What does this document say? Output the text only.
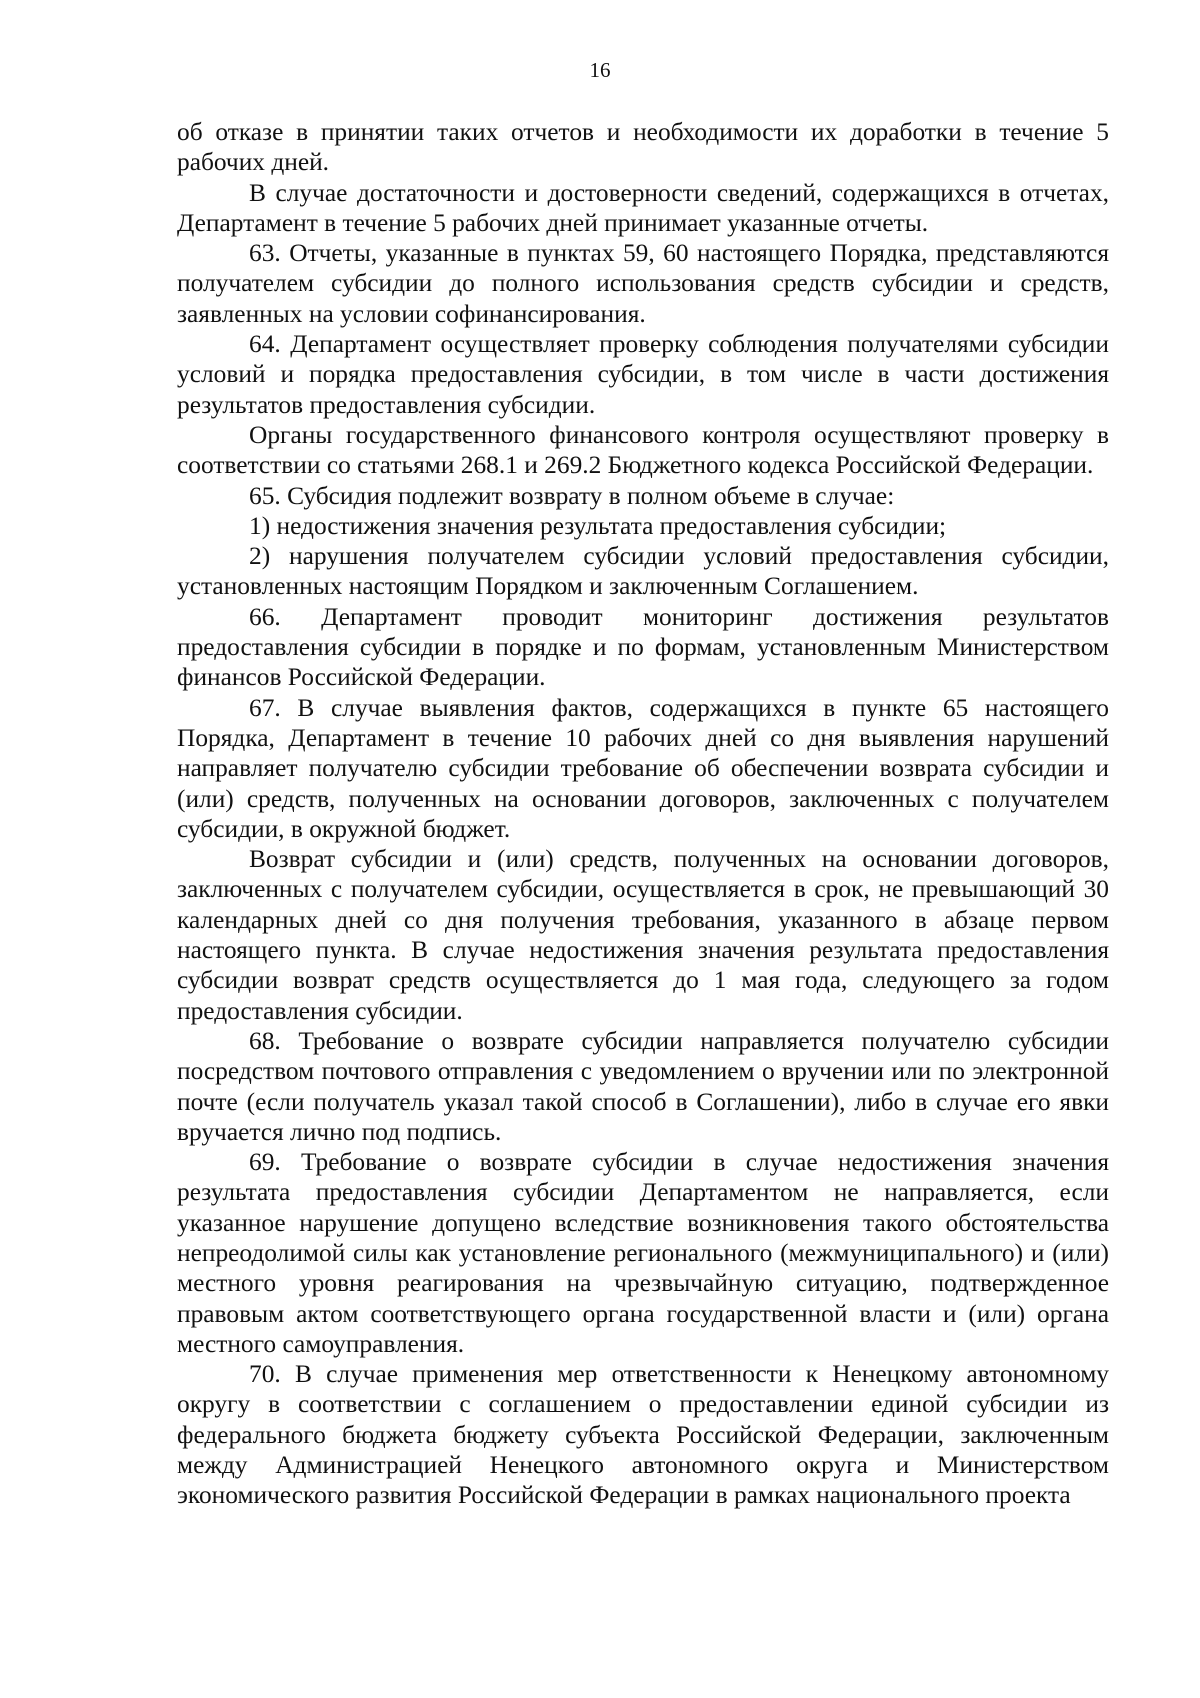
16

об отказе в принятии таких отчетов и необходимости их доработки в течение 5 рабочих дней.

В случае достаточности и достоверности сведений, содержащихся в отчетах, Департамент в течение 5 рабочих дней принимает указанные отчеты.

63. Отчеты, указанные в пунктах 59, 60 настоящего Порядка, представляются получателем субсидии до полного использования средств субсидии и средств, заявленных на условии софинансирования.

64. Департамент осуществляет проверку соблюдения получателями субсидии условий и порядка предоставления субсидии, в том числе в части достижения результатов предоставления субсидии.

Органы государственного финансового контроля осуществляют проверку в соответствии со статьями 268.1 и 269.2 Бюджетного кодекса Российской Федерации.

65. Субсидия подлежит возврату в полном объеме в случае:

1) недостижения значения результата предоставления субсидии;

2) нарушения получателем субсидии условий предоставления субсидии, установленных настоящим Порядком и заключенным Соглашением.

66. Департамент проводит мониторинг достижения результатов предоставления субсидии в порядке и по формам, установленным Министерством финансов Российской Федерации.

67. В случае выявления фактов, содержащихся в пункте 65 настоящего Порядка, Департамент в течение 10 рабочих дней со дня выявления нарушений направляет получателю субсидии требование об обеспечении возврата субсидии и (или) средств, полученных на основании договоров, заключенных с получателем субсидии, в окружной бюджет.

Возврат субсидии и (или) средств, полученных на основании договоров, заключенных с получателем субсидии, осуществляется в срок, не превышающий 30 календарных дней со дня получения требования, указанного в абзаце первом настоящего пункта. В случае недостижения значения результата предоставления субсидии возврат средств осуществляется до 1 мая года, следующего за годом предоставления субсидии.

68. Требование о возврате субсидии направляется получателю субсидии посредством почтового отправления с уведомлением о вручении или по электронной почте (если получатель указал такой способ в Соглашении), либо в случае его явки вручается лично под подпись.

69. Требование о возврате субсидии в случае недостижения значения результата предоставления субсидии Департаментом не направляется, если указанное нарушение допущено вследствие возникновения такого обстоятельства непреодолимой силы как установление регионального (межмуниципального) и (или) местного уровня реагирования на чрезвычайную ситуацию, подтвержденное правовым актом соответствующего органа государственной власти и (или) органа местного самоуправления.

70. В случае применения мер ответственности к Ненецкому автономному округу в соответствии с соглашением о предоставлении единой субсидии из федерального бюджета бюджету субъекта Российской Федерации, заключенным между Администрацией Ненецкого автономного округа и Министерством экономического развития Российской Федерации в рамках национального проекта
